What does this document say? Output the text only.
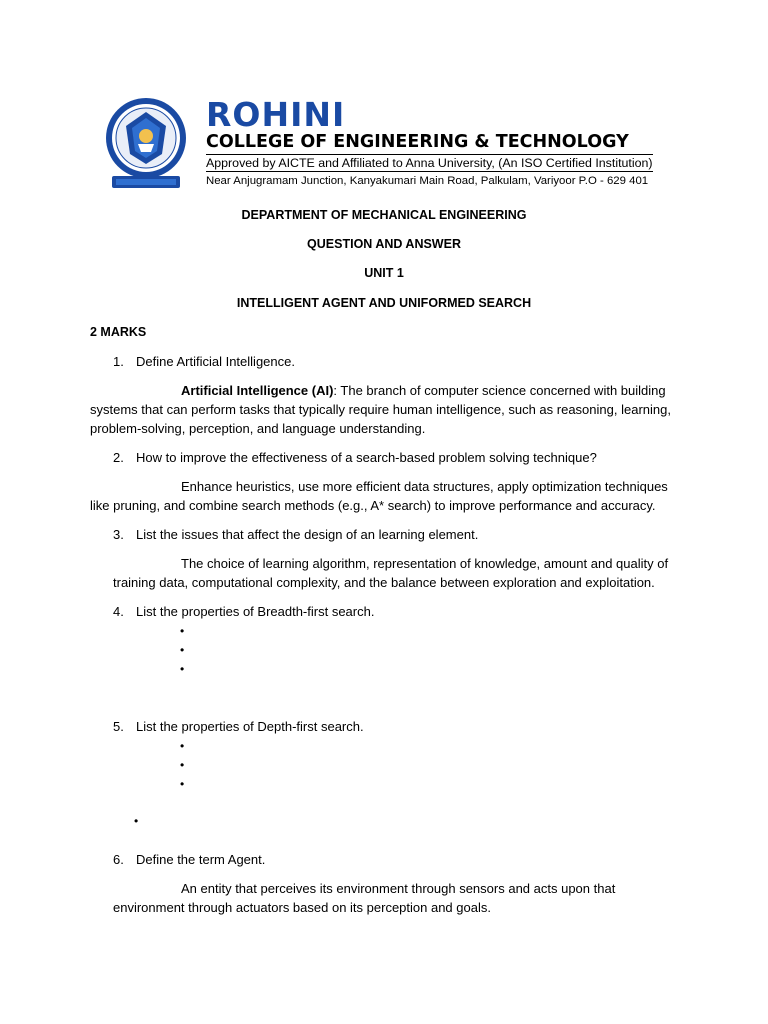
ROHINI
COLLEGE OF ENGINEERING & TECHNOLOGY
Approved by AICTE and Affiliated to Anna University, (An ISO Certified Institution)
Near Anjugramam Junction, Kanyakumari Main Road, Palkulam, Variyoor P.O - 629 401
DEPARTMENT OF MECHANICAL ENGINEERING
QUESTION AND ANSWER
UNIT 1
INTELLIGENT AGENT AND UNIFORMED SEARCH
2 MARKS
1. Define Artificial Intelligence.
Artificial Intelligence (AI): The branch of computer science concerned with building
systems that can perform tasks that typically require human intelligence, such as reasoning, learning,
problem-solving, perception, and language understanding.
2. How to improve the effectiveness of a search-based problem solving technique?
Enhance heuristics, use more efficient data structures, apply optimization techniques
like pruning, and combine search methods (e.g., A* search) to improve performance and accuracy.
3. List the issues that affect the design of an learning element.
The choice of learning algorithm, representation of knowledge, amount and quality of
training data, computational complexity, and the balance between exploration and exploitation.
4. List the properties of Breadth-first search.
•
•
•
5. List the properties of Depth-first search.
•
•
•
•
6. Define the term Agent.
An entity that perceives its environment through sensors and acts upon that
environment through actuators based on its perception and goals.
